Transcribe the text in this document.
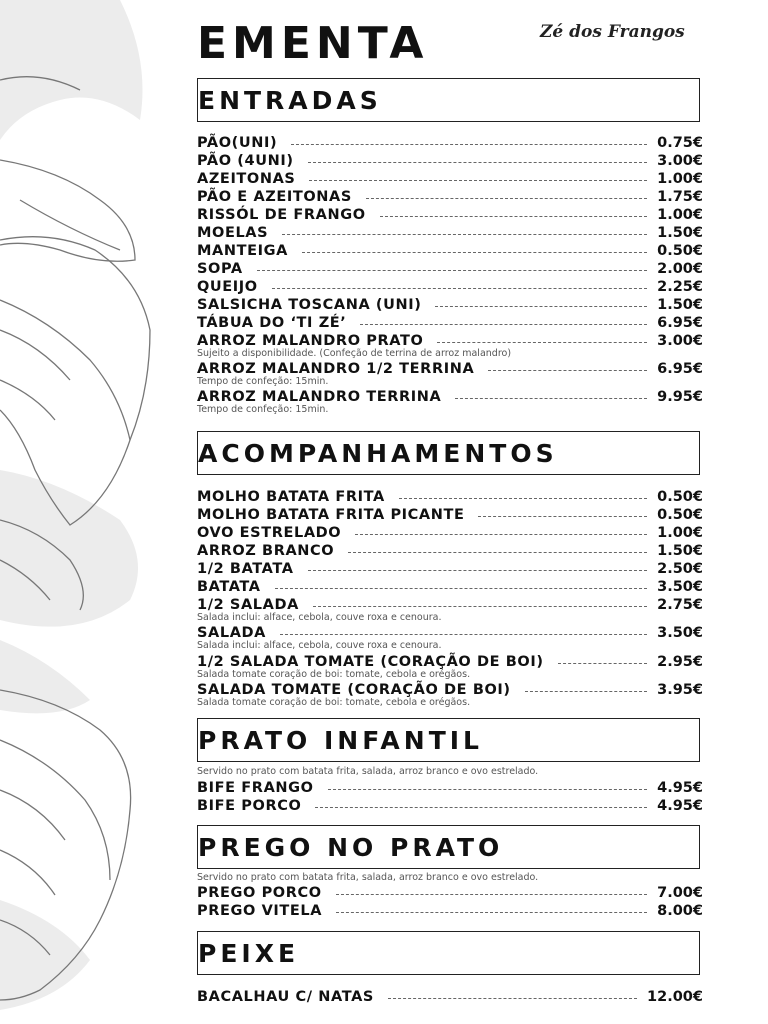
EMENTA	Zé dos Frangos
ENTRADAS
PÃO(UNI)	0.75€
PÃO (4UNI)	3.00€
AZEITONAS	1.00€
PÃO E AZEITONAS	1.75€
RISSÓL DE FRANGO	1.00€
MOELAS	1.50€
MANTEIGA	0.50€
SOPA	2.00€
QUEIJO	2.25€
SALSICHA TOSCANA (UNI)	1.50€
TÁBUA DO ‘TI ZÉ’	6.95€
ARROZ MALANDRO PRATO	3.00€
Sujeito a disponibilidade. (Confeção de terrina de arroz malandro)
ARROZ MALANDRO 1/2 TERRINA	6.95€
Tempo de confeção: 15min.
ARROZ MALANDRO TERRINA	9.95€
Tempo de confeção: 15min.
ACOMPANHAMENTOS
MOLHO BATATA FRITA	0.50€
MOLHO BATATA FRITA PICANTE	0.50€
OVO ESTRELADO	1.00€
ARROZ BRANCO	1.50€
1/2 BATATA	2.50€
BATATA	3.50€
1/2 SALADA	2.75€
Salada inclui: alface, cebola, couve roxa e cenoura.
SALADA	3.50€
Salada inclui: alface, cebola, couve roxa e cenoura.
1/2 SALADA TOMATE (CORAÇÃO DE BOI)	2.95€
Salada tomate coração de boi: tomate, cebola e orégãos.
SALADA TOMATE (CORAÇÃO DE BOI)	3.95€
Salada tomate coração de boi: tomate, cebola e orégãos.
PRATO INFANTIL
Servido no prato com batata frita, salada, arroz branco e ovo estrelado.
BIFE FRANGO	4.95€
BIFE PORCO	4.95€
PREGO NO PRATO
Servido no prato com batata frita, salada, arroz branco e ovo estrelado.
PREGO PORCO	7.00€
PREGO VITELA	8.00€
PEIXE
BACALHAU C/ NATAS	12.00€
